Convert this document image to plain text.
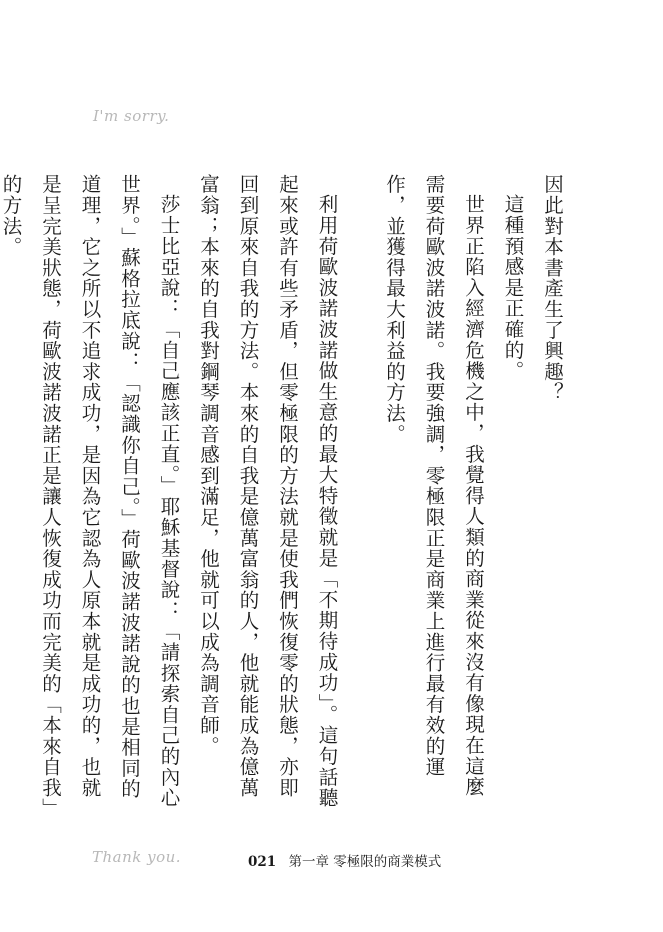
I'm sorry.

因此對本書產生了興趣？

這種預感是正確的。

世界正陷入經濟危機之中，我覺得人類的商業從來沒有像現在這麼需要荷歐波諾波諾。我要強調，零極限正是商業上進行最有效的運作，並獲得最大利益的方法。

利用荷歐波諾波諾做生意的最大特徵就是「不期待成功」。這句話聽起來或許有些矛盾，但零極限的方法就是使我們恢復零的狀態，亦即回到原來自我的方法。本來的自我是億萬富翁的人，他就能成為億萬富翁；本來的自我對鋼琴調音感到滿足，他就可以成為調音師。

莎士比亞說：「自己應該正直。」耶穌基督說：「請探索自己的內心世界。」蘇格拉底說：「認識你自己。」荷歐波諾波諾說的也是相同的道理，它之所以不追求成功，是因為它認為人原本就是成功的，也就是呈完美狀態，荷歐波諾波諾正是讓人恢復成功而完美的「本來自我」的方法。

Thank you.	021 第一章 零極限的商業模式
